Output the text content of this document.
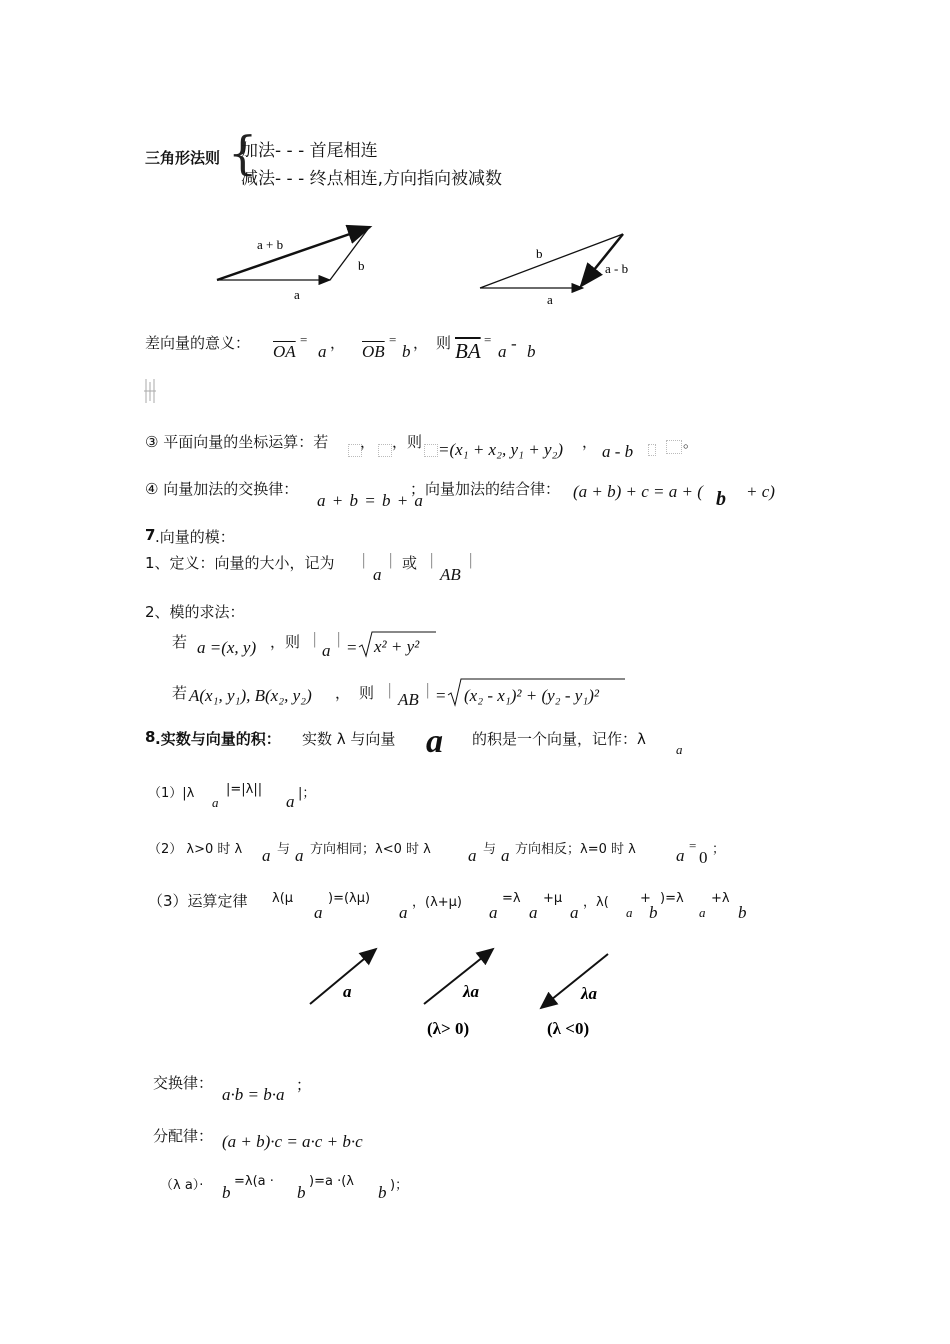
三角形法则 {
加法- - - 首尾相连
减法- - - 终点相连,方向指向被减数
a + b
b
a
b
a - b
a
差向量的意义： $\overline{OA}$
=
a ， $\overline{OB}$
=
b ， 则 $\overline{BA}$ =
a - b
③ 平面向量的坐标运算：若 ， ， 则 =(x₁ + x₂, y₁ + y₂) ， a - b	。
④ 向量加法的交换律：
a + b = b + a
；向量加法的结合律： (a + b) + c = a + ( b + c)
7 .向量的模：
1、定义：向量的大小，记为 |
a
| 或 |
AB
|
2、模的求法：
若 a =(x, y) ，则 |
a
| = x² + y²
若 A(x₁, y₁), B(x₂, y₂) ， 则 |
AB
| = (x₂ - x₁)² + (y₂ - y₁)²
8 .实数与向量的积： 实数 λ 与向量 a 的积是一个向量，记作：λ
a
（1）|λ
a
|=|λ||
a |；
（2） λ>0 时 λ a 与 a 方向相同；λ<0 时 λ a 与 a 方向相反；λ=0 时 λ a
=
0 ；
（3）运算定律 λ(μ
a
)=(λμ)
a
，(λ+μ)
a
=λ
a
+μ
a
，λ(
a
+
b
)=λ
a
+λ
b
a	λa	λa
(λ> 0)	(λ <0)
交换律：
a·b = b·a ；
分配律： (a + b)·c = a·c + b·c
（λ a）· b
=λ(a ·
b
)=a ·(λ
b )；
